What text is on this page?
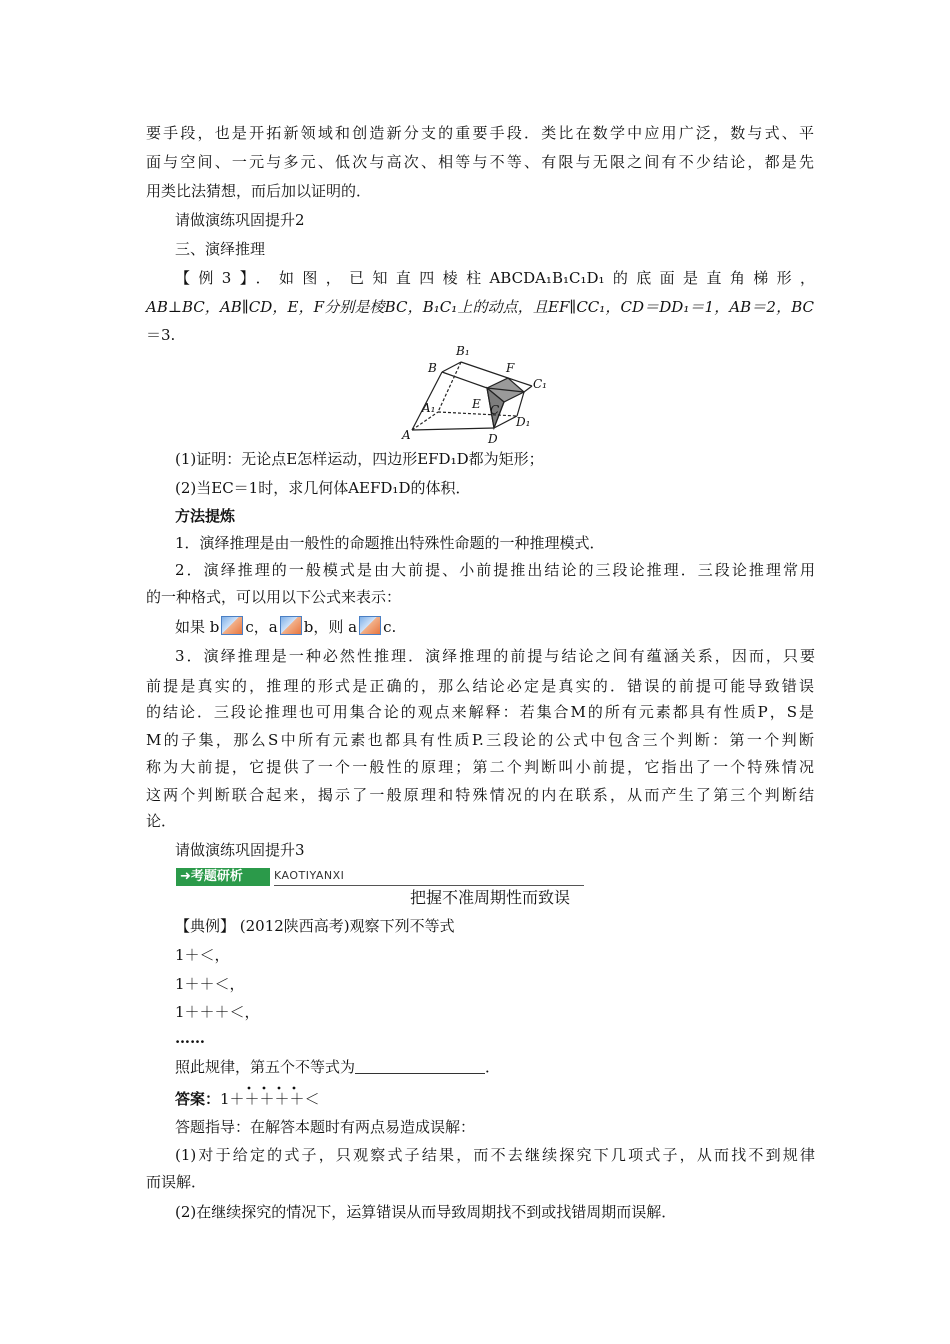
要手段，也是开拓新领域和创造新分支的重要手段．类比在数学中应用广泛，数与式、平
面与空间、一元与多元、低次与高次、相等与不等、有限与无限之间有不少结论，都是先
用类比法猜想，而后加以证明的．
请做演练巩固提升2
三、演绎推理
【例3】．如图，已知直四棱柱ABCDA₁B₁C₁D₁的底面是直角梯形，
AB⊥BC，AB∥CD，E，F分别是棱BC，B₁C₁上的动点，且EF∥CC₁，CD＝DD₁＝1，AB＝2，BC
＝3.
B₁
B	F
C₁
A₁	E C
D₁
A	D
(1)证明：无论点E怎样运动，四边形EFD₁D都为矩形；
(2)当EC＝1时，求几何体AEFD₁D的体积．
方法提炼
1．演绎推理是由一般性的命题推出特殊性命题的一种推理模式．
2．演绎推理的一般模式是由大前提、小前提推出结论的三段论推理．三段论推理常用
的一种格式，可以用以下公式来表示：
如果 b c，a b，则 a c.
3．演绎推理是一种必然性推理．演绎推理的前提与结论之间有蕴涵关系，因而，只要
前提是真实的，推理的形式是正确的，那么结论必定是真实的．错误的前提可能导致错误
的结论．三段论推理也可用集合论的观点来解释：若集合M的所有元素都具有性质P，S是
M的子集，那么S中所有元素也都具有性质P.三段论的公式中包含三个判断：第一个判断
称为大前提，它提供了一个一般性的原理；第二个判断叫小前提，它指出了一个特殊情况
这两个判断联合起来，揭示了一般原理和特殊情况的内在联系，从而产生了第三个判断结
论．
请做演练巩固提升3
➜考题研析	KAOTIYANXI
把握不准周期性而致误
【典例】 (2012陕西高考)观察下列不等式
1＋＜，
1＋＋＜，
1＋＋＋＜，
……
照此规律，第五个不等式为	．
答案：1＋＋＋＋＋＜
答题指导：在解答本题时有两点易造成误解：
(1)对于给定的式子，只观察式子结果，而不去继续探究下几项式子，从而找不到规律
而误解．
(2)在继续探究的情况下，运算错误从而导致周期找不到或找错周期而误解．
